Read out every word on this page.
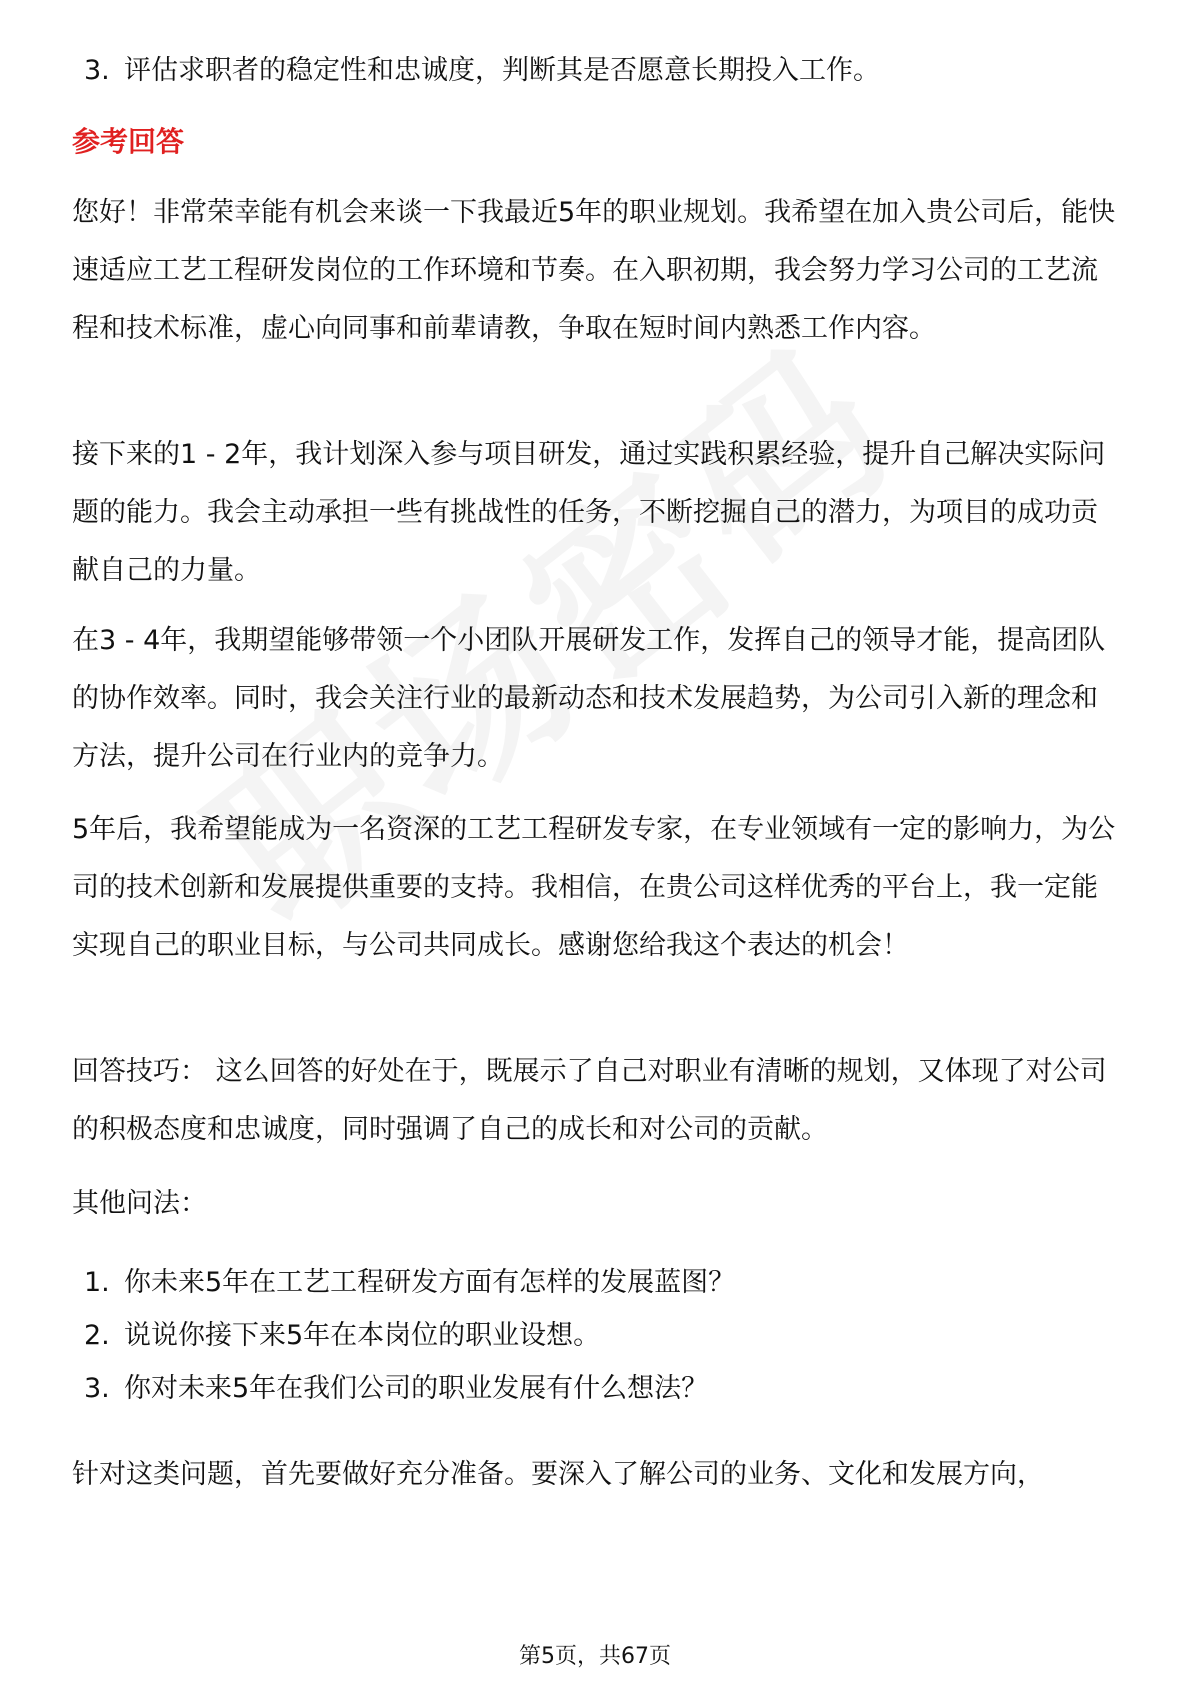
3. 评估求职者的稳定性和忠诚度，判断其是否愿意长期投入工作。
参考回答
您好！非常荣幸能有机会来谈一下我最近5年的职业规划。我希望在加入贵公司后，能快速适应工艺工程研发岗位的工作环境和节奏。在入职初期，我会努力学习公司的工艺流程和技术标准，虚心向同事和前辈请教，争取在短时间内熟悉工作内容。
接下来的1 - 2年，我计划深入参与项目研发，通过实践积累经验，提升自己解决实际问题的能力。我会主动承担一些有挑战性的任务，不断挖掘自己的潜力，为项目的成功贡献自己的力量。
在3 - 4年，我期望能够带领一个小团队开展研发工作，发挥自己的领导才能，提高团队的协作效率。同时，我会关注行业的最新动态和技术发展趋势，为公司引入新的理念和方法，提升公司在行业内的竞争力。
5年后，我希望能成为一名资深的工艺工程研发专家，在专业领域有一定的影响力，为公司的技术创新和发展提供重要的支持。我相信，在贵公司这样优秀的平台上，我一定能实现自己的职业目标，与公司共同成长。感谢您给我这个表达的机会！
回答技巧： 这么回答的好处在于，既展示了自己对职业有清晰的规划，又体现了对公司的积极态度和忠诚度，同时强调了自己的成长和对公司的贡献。
其他问法：
1. 你未来5年在工艺工程研发方面有怎样的发展蓝图？
2. 说说你接下来5年在本岗位的职业设想。
3. 你对未来5年在我们公司的职业发展有什么想法？
针对这类问题，首先要做好充分准备。要深入了解公司的业务、文化和发展方向，
第5页，共67页
